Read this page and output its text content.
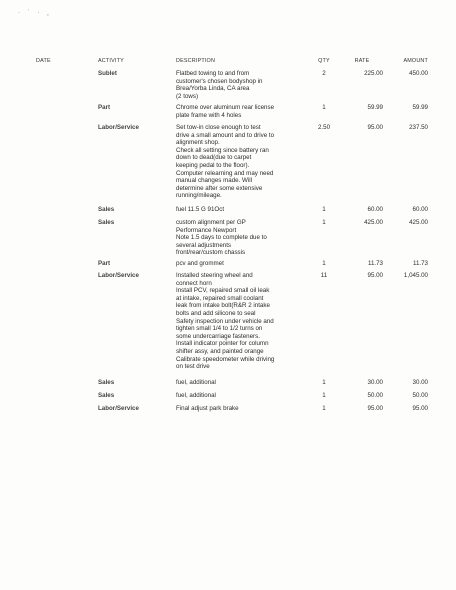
· ˙ · ¸
DATE	ACTIVITY	DESCRIPTION	QTY	RATE	AMOUNT
Sublet	Flatbed towing to and from
customer's chosen bodyshop in
Brea/Yorba Linda, CA area
(2 tows)
2	225.00	450.00
Part	Chrome over aluminum rear license
plate frame with 4 holes
1	59.99	59.99
Labor/Service	Set tow-in close enough to test
drive a small amount and to drive to
alignment shop.
Check all setting since battery ran
down to dead(due to carpet
keeping pedal to the floor).
Computer relearning and may need
manual changes made. Will
determine after some extensive
running/mileage.
2.50	95.00	237.50
Sales	fuel 11.5 G 91Oct	1	60.00	60.00
Sales	custom alignment per GP
Performance Newport
Note 1.5 days to complete due to
several adjustments
front/rear/custom chassis
1	425.00	425.00
Part	pcv and grommet	1	11.73	11.73
Labor/Service	Installed steering wheel and
connect horn
Install PCV, repaired small oil leak
at intake, repaired small coolant
leak from intake bolt(R&R 2 intake
bolts and add silicone to seal
Safety inspection under vehicle and
tighten small 1/4 to 1/2 turns on
some undercarriage fasteners.
Install indicator pointer for column
shifter assy, and painted orange
Calibrate speedometer while driving
on test drive
11	95.00	1,045.00
Sales	fuel, additional	1	30.00	30.00
Sales	fuel, additional	1	50.00	50.00
Labor/Service	Final adjust park brake	1	95.00	95.00
